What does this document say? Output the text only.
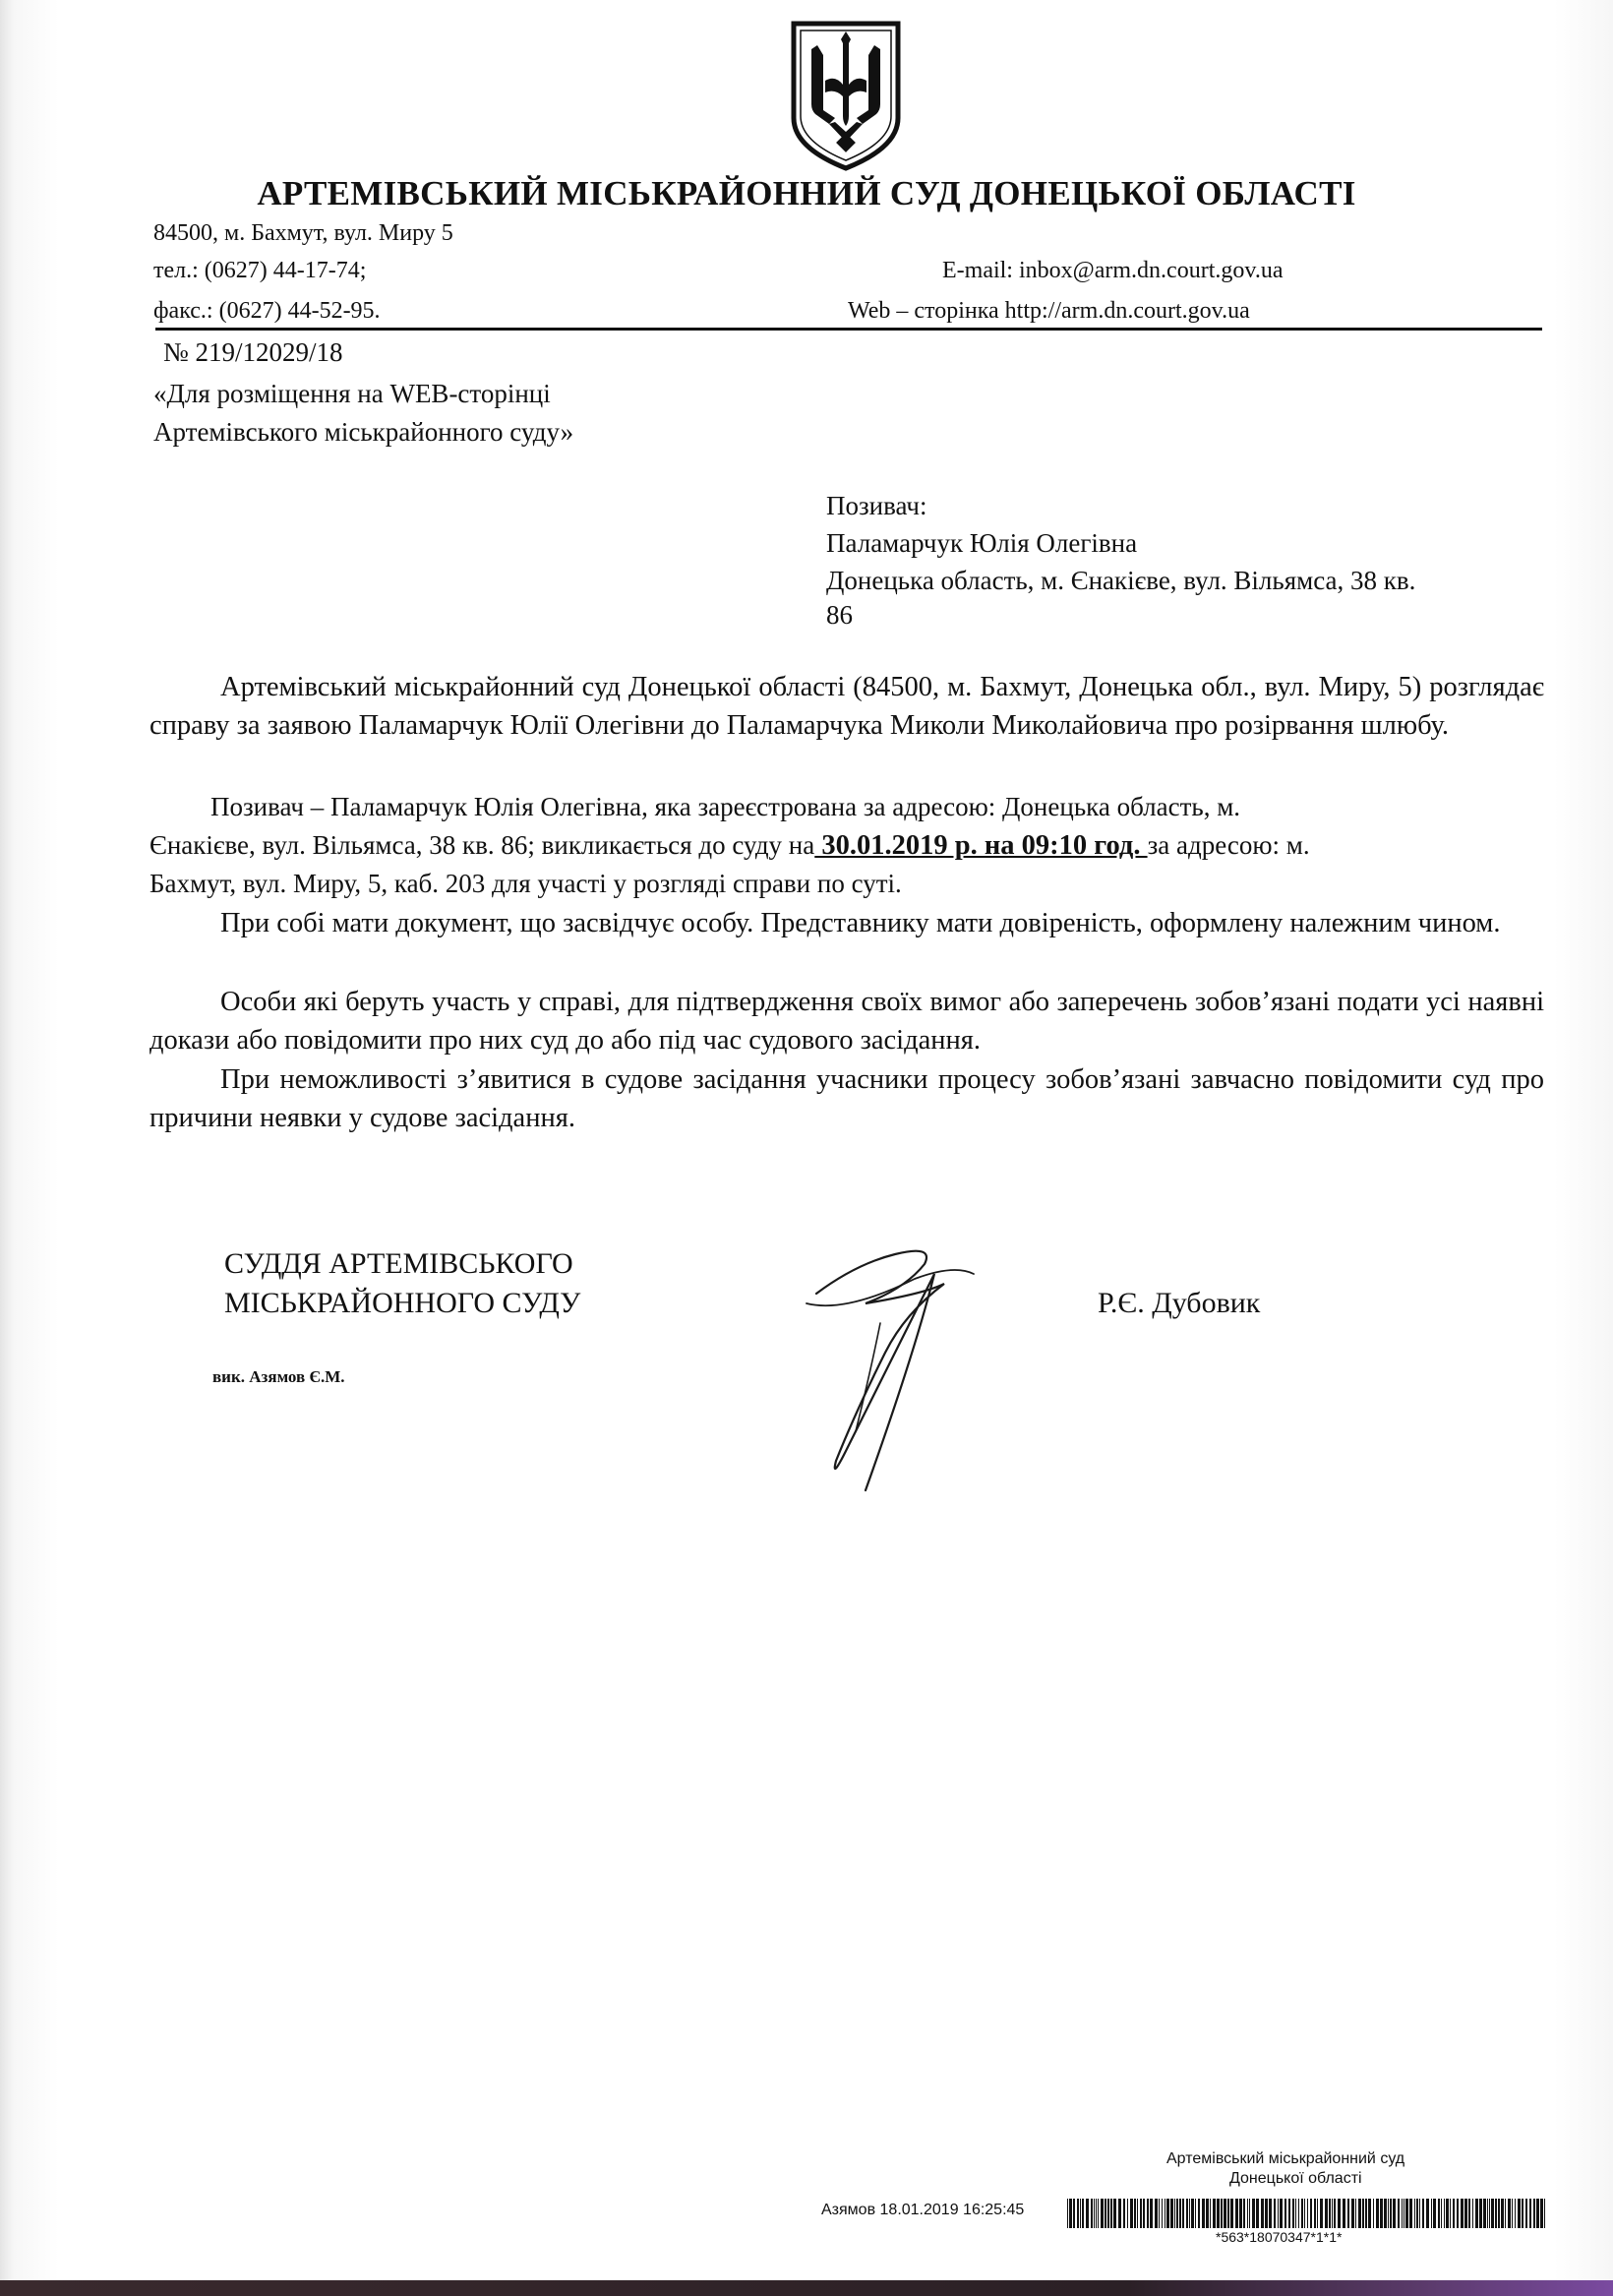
АРТЕМІВСЬКИЙ МІСЬКРАЙОННИЙ СУД ДОНЕЦЬКОЇ ОБЛАСТІ
84500, м. Бахмут, вул. Миру 5
тел.: (0627) 44-17-74;
факс.: (0627) 44-52-95.
E-mail: inbox@arm.dn.court.gov.ua
Web – сторінка http://arm.dn.court.gov.ua
№ 219/12029/18
«Для розміщення на WEB-сторінці
Артемівського міськрайонного суду»
Позивач:
Паламарчук Юлія Олегівна
Донецька область, м. Єнакієве, вул. Вільямса, 38 кв.
86
Артемівський міськрайонний суд Донецької області (84500, м. Бахмут, Донецька обл., вул. Миру, 5) розглядає справу за заявою Паламарчук Юлії Олегівни до Паламарчука Миколи Миколайовича про розірвання шлюбу.
Позивач – Паламарчук Юлія Олегівна, яка зареєстрована за адресою: Донецька область, м.
Єнакієве, вул. Вільямса, 38 кв. 86; викликається до суду на 30.01.2019 р. на 09:10 год. за адресою: м.
Бахмут, вул. Миру, 5, каб. 203 для участі у розгляді справи по суті.
При собі мати документ, що засвідчує особу. Представнику мати довіреність, оформлену належним чином.
Особи які беруть участь у справі, для підтвердження своїх вимог або заперечень зобов’язані подати усі наявні докази або повідомити про них суд до або під час судового засідання.
При неможливості з’явитися в судове засідання учасники процесу зобов’язані завчасно повідомити суд про причини неявки у судове засідання.
СУДДЯ АРТЕМІВСЬКОГО
МІСЬКРАЙОННОГО СУДУ	Р.Є. Дубовик
вик. Азямов Є.М.
Артемівський міськрайонний суд
Донецької області
Азямов 18.01.2019 16:25:45
*563*18070347*1*1*
